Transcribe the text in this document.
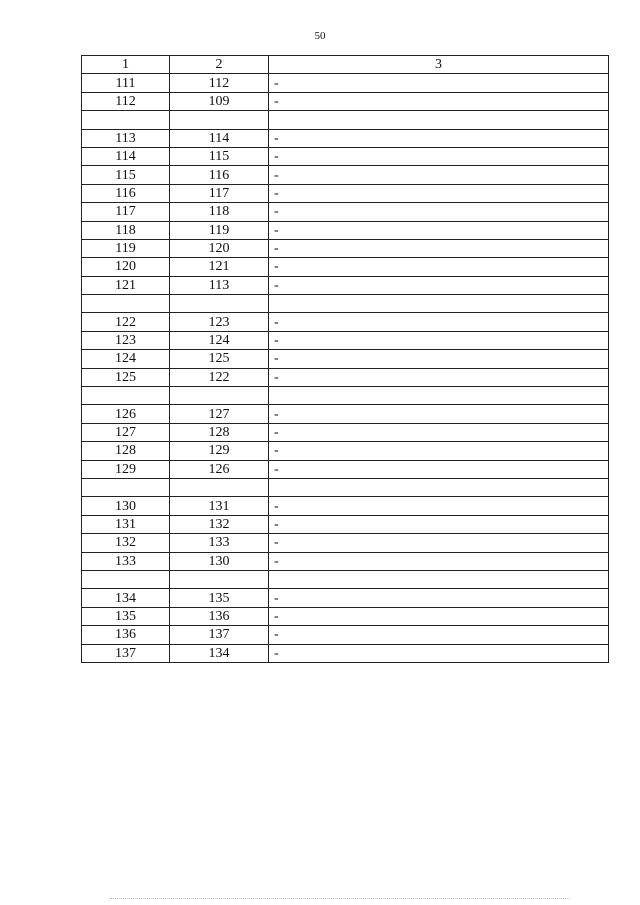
50
1	2	3
111	112	-
112	109	-

113	114	-
114	115	-
115	116	-
116	117	-
117	118	-
118	119	-
119	120	-
120	121	-
121	113	-

122	123	-
123	124	-
124	125	-
125	122	-

126	127	-
127	128	-
128	129	-
129	126	-

130	131	-
131	132	-
132	133	-
133	130	-

134	135	-
135	136	-
136	137	-
137	134	-
